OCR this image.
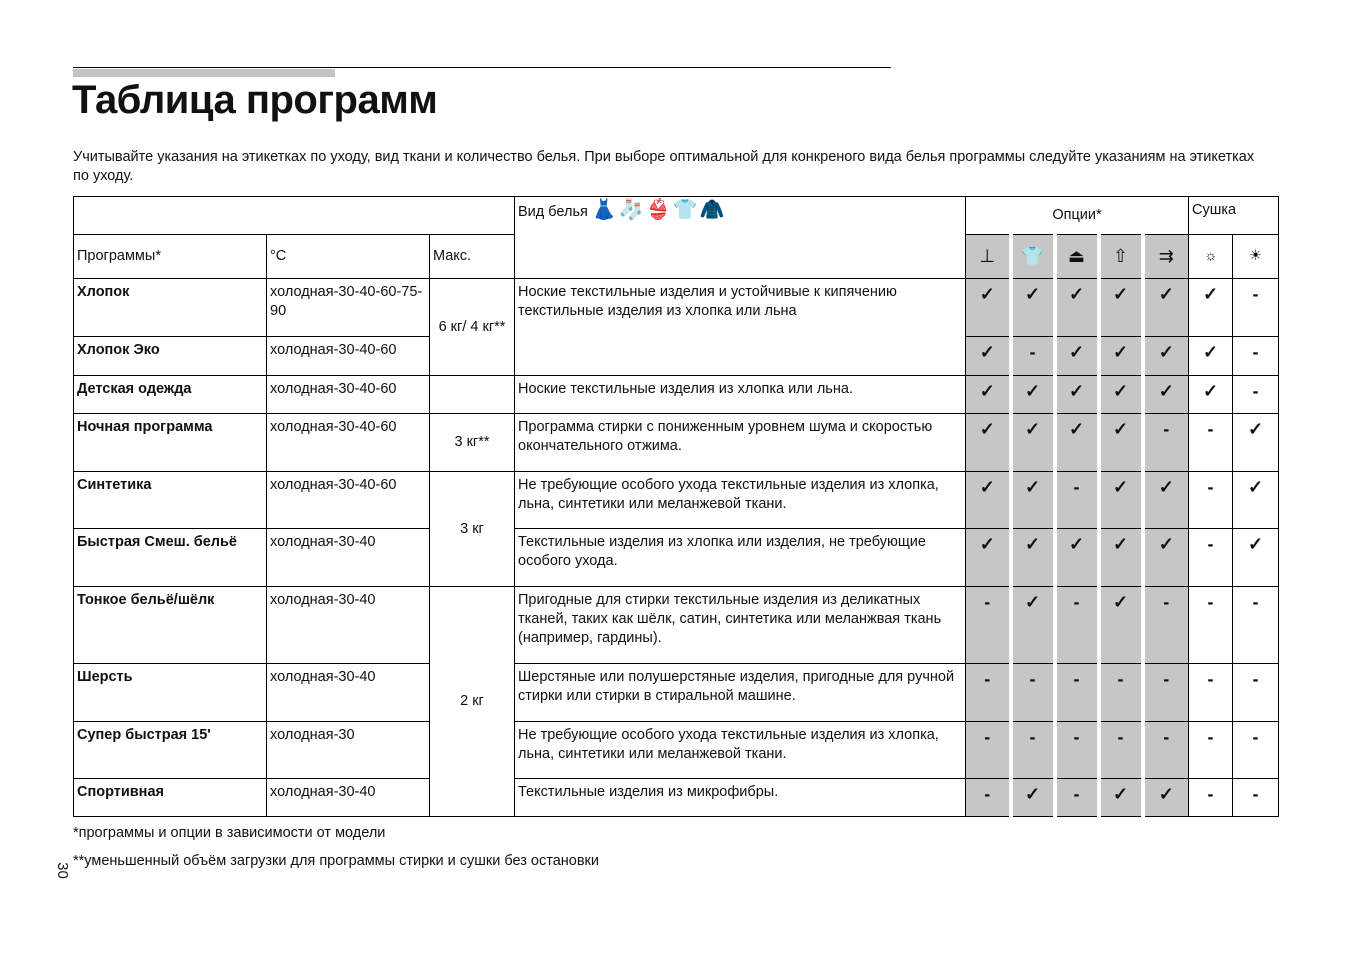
Таблица программ
Учитывайте указания на этикетках по уходу, вид ткани и количество белья. При выборе оптимальной для конкреного вида белья программы следуйте указаниям на этикетках по уходу.
			Вид белья 👗🧦👙👕🧥	Опции*					Сушка	
Программы*	°C	Макс.		⊥	👕	⏏	⇧	⇉	☼	☀
Хлопок	холодная-30-40-60-75-90	6 кг/ 4 кг**	Ноские текстильные изделия и устойчивые к кипячению текстильные изделия из хлопка или льна	✓	✓	✓	✓	✓	✓	-
Хлопок Эко	холодная-30-40-60			✓	-	✓	✓	✓	✓	-
Детская одежда	холодная-30-40-60		Ноские текстильные изделия из хлопка или льна.	✓	✓	✓	✓	✓	✓	-
Ночная программа	холодная-30-40-60	3 кг**	Программа стирки с пониженным уровнем шума и скоростью окончательного отжима.	✓	✓	✓	✓	-	-	✓
Синтетика	холодная-30-40-60	3 кг	Не требующие особого ухода текстильные изделия из хлопка, льна, синтетики или меланжевой ткани.	✓	✓	-	✓	✓	-	✓
Быстрая Смеш. бельё	холодная-30-40		Текстильные изделия из хлопка или изделия, не требующие особого ухода.	✓	✓	✓	✓	✓	-	✓
Тонкое бельё/шёлк	холодная-30-40	2 кг	Пригодные для стирки текстильные изделия из деликатных тканей, таких как шёлк, сатин, синтетика или меланжвая ткань (например, гардины).	-	✓	-	✓	-	-	-
Шерсть	холодная-30-40		Шерстяные или полушерстяные изделия, пригодные для ручной стирки или стирки в стиральной машине.	-	-	-	-	-	-	-
Супер быстрая 15'	холодная-30		Не требующие особого ухода текстильные изделия из хлопка, льна, синтетики или меланжевой ткани.	-	-	-	-	-	-	-
Спортивная	холодная-30-40		Текстильные изделия из микрофибры.	-	✓	-	✓	✓	-	-
*программы и опции в зависимости от модели
**уменьшенный объём загрузки для программы стирки и сушки без остановки
30
